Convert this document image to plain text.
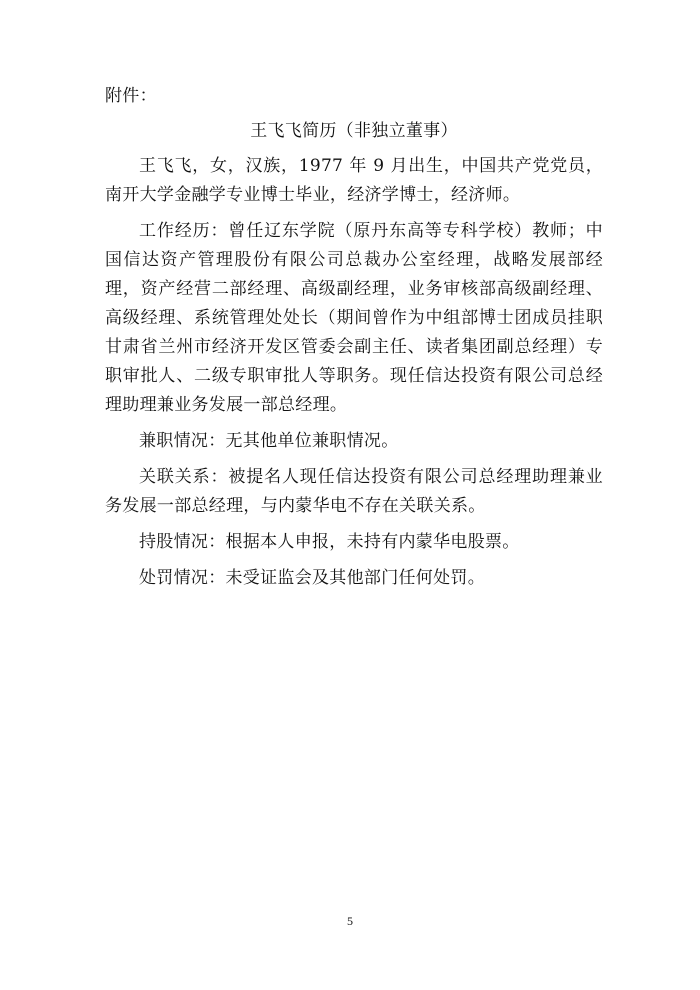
附件：

王飞飞简历（非独立董事）

王飞飞，女，汉族，1977 年 9 月出生，中国共产党党员，南开大学金融学专业博士毕业，经济学博士，经济师。

工作经历：曾任辽东学院（原丹东高等专科学校）教师；中国信达资产管理股份有限公司总裁办公室经理，战略发展部经理，资产经营二部经理、高级副经理，业务审核部高级副经理、高级经理、系统管理处处长（期间曾作为中组部博士团成员挂职甘肃省兰州市经济开发区管委会副主任、读者集团副总经理）专职审批人、二级专职审批人等职务。现任信达投资有限公司总经理助理兼业务发展一部总经理。

兼职情况：无其他单位兼职情况。

关联关系：被提名人现任信达投资有限公司总经理助理兼业务发展一部总经理，与内蒙华电不存在关联关系。

持股情况：根据本人申报，未持有内蒙华电股票。

处罚情况：未受证监会及其他部门任何处罚。

5
